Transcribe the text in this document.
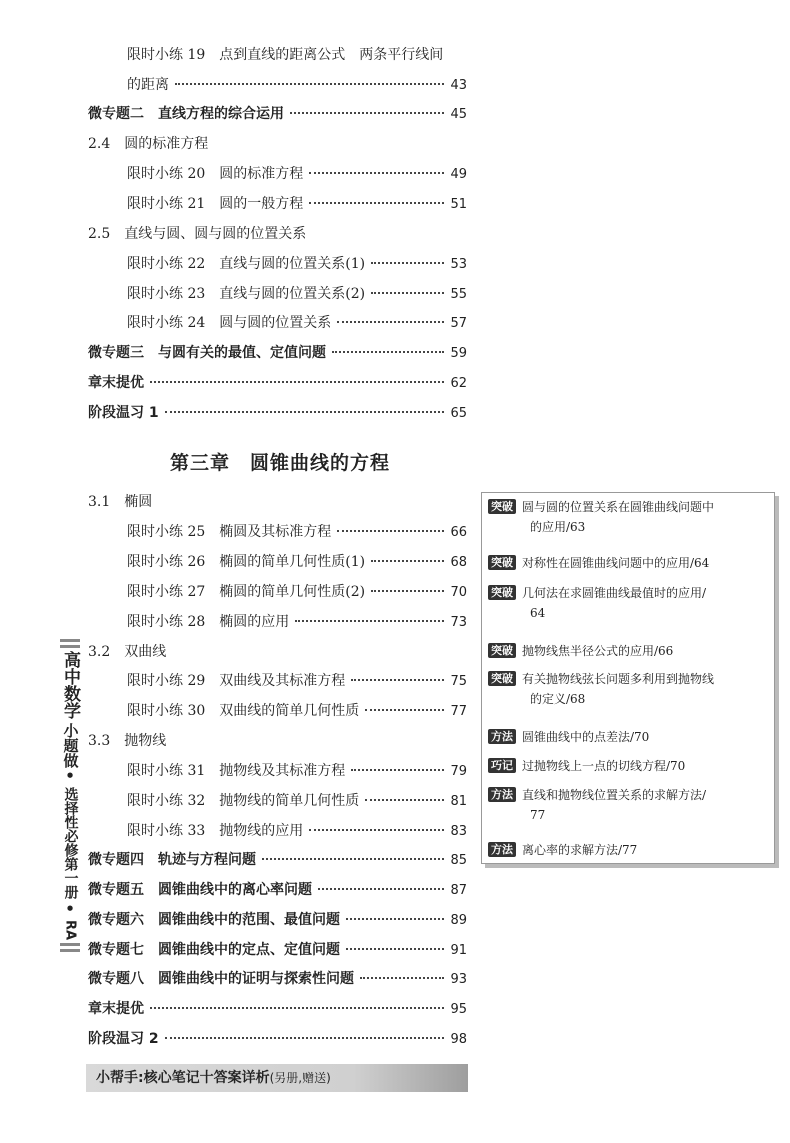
限时小练 19　点到直线的距离公式　两条平行线间
的距离	43
微专题二　直线方程的综合运用	45
2.4　圆的标准方程
限时小练 20　圆的标准方程	49
限时小练 21　圆的一般方程	51
2.5　直线与圆、圆与圆的位置关系
限时小练 22　直线与圆的位置关系(1)	53
限时小练 23　直线与圆的位置关系(2)	55
限时小练 24　圆与圆的位置关系	57
微专题三　与圆有关的最值、定值问题	59
章末提优	62
阶段温习 1	65
第三章　圆锥曲线的方程
3.1　椭圆
限时小练 25　椭圆及其标准方程	66
限时小练 26　椭圆的简单几何性质(1)	68
限时小练 27　椭圆的简单几何性质(2)	70
限时小练 28　椭圆的应用	73
3.2　双曲线
限时小练 29　双曲线及其标准方程	75
限时小练 30　双曲线的简单几何性质	77
3.3　抛物线
限时小练 31　抛物线及其标准方程	79
限时小练 32　抛物线的简单几何性质	81
限时小练 33　抛物线的应用	83
微专题四　轨迹与方程问题	85
微专题五　圆锥曲线中的离心率问题	87
微专题六　圆锥曲线中的范围、最值问题	89
微专题七　圆锥曲线中的定点、定值问题	91
微专题八　圆锥曲线中的证明与探索性问题	93
章末提优	95
阶段温习 2	98
突破 圆与圆的位置关系在圆锥曲线问题中
的应用/63
突破 对称性在圆锥曲线问题中的应用/64
突破 几何法在求圆锥曲线最值时的应用/
64
突破 抛物线焦半径公式的应用/66
突破 有关抛物线弦长问题多利用到抛物线
的定义/68
方法 圆锥曲线中的点差法/70
巧记 过抛物线上一点的切线方程/70
方法 直线和抛物线位置关系的求解方法/
77
方法 离心率的求解方法/77
高中数学
小题
做
•
选择性必修第一册
•
RA
小帮手:核心笔记十答案详析(另册,赠送)
